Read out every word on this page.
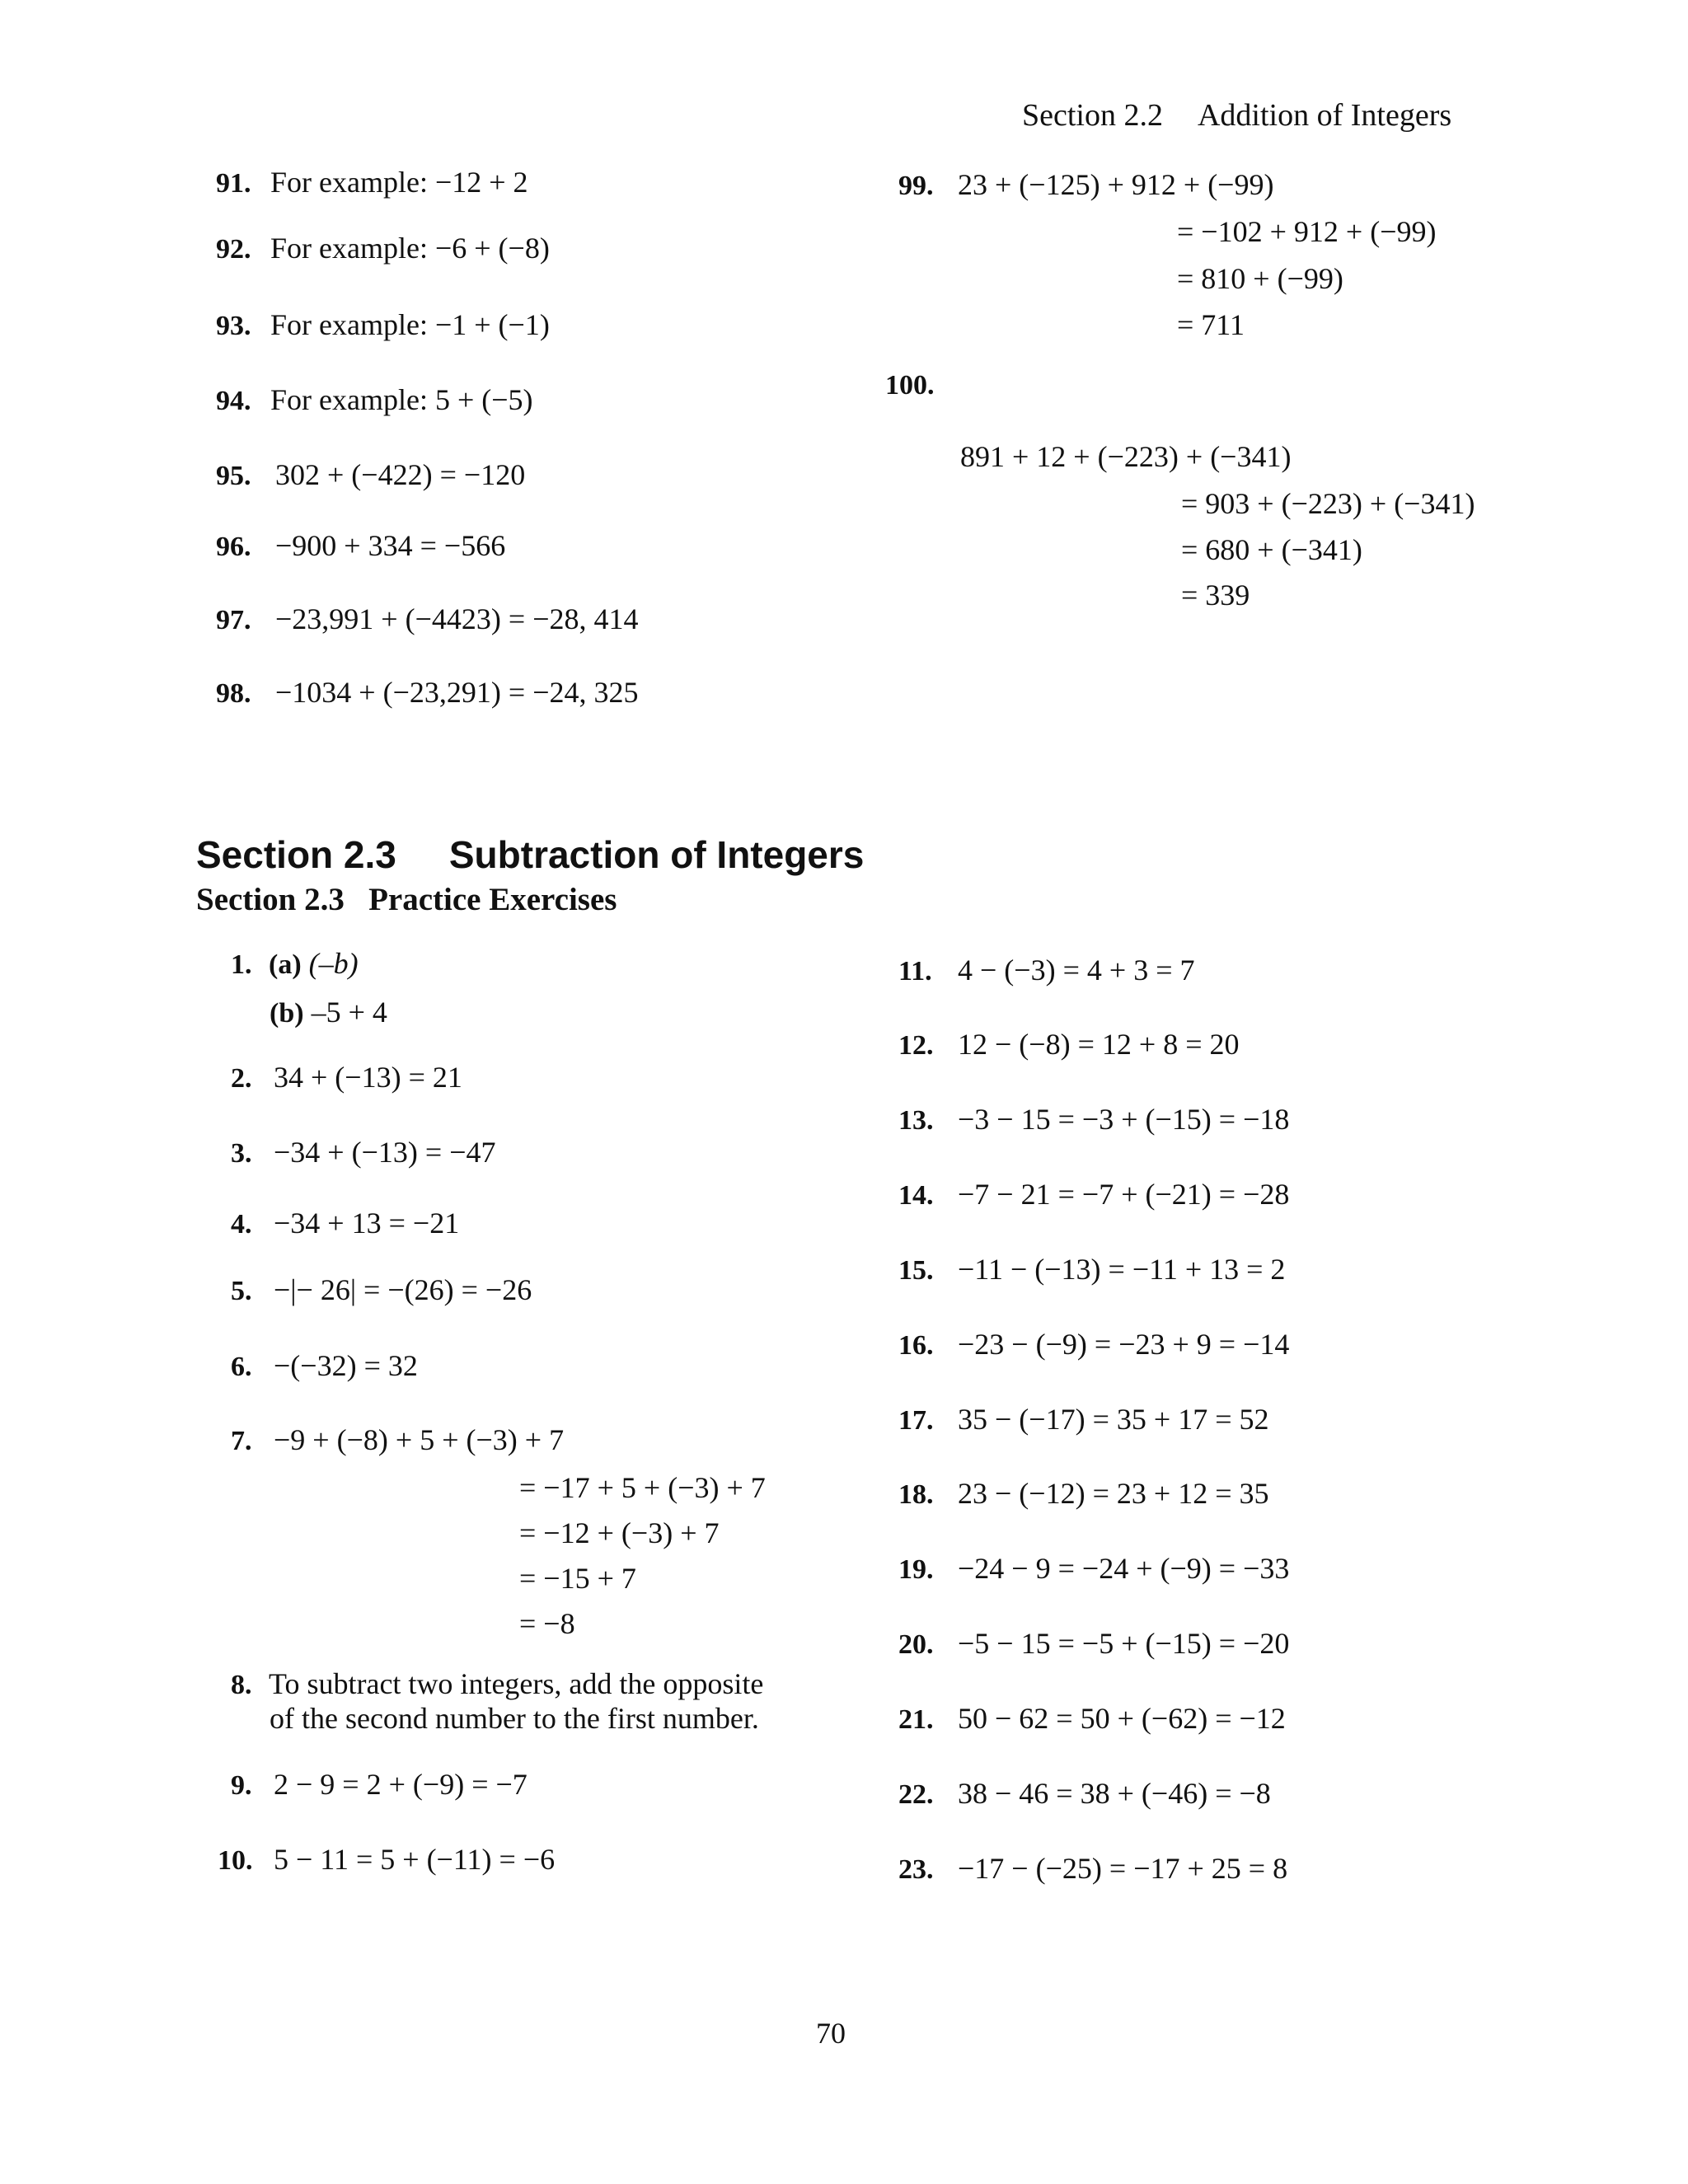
Section 2.2 Addition of Integers
91. For example: −12 + 2
92. For example: −6 + (−8)
93. For example: −1 + (−1)
94. For example: 5 + (−5)
95. 302 + (−422) = −120
96. −900 + 334 = −566
97. −23,991 + (−4423) = −28, 414
98. −1034 + (−23,291) = −24, 325
99. 23 + (−125) + 912 + (−99)
= −102 + 912 + (−99)
= 810 + (−99)
= 711
100.
891 + 12 + (−223) + (−341)
= 903 + (−223) + (−341)
= 680 + (−341)
= 339
Section 2.3 Subtraction of Integers
Section 2.3   Practice Exercises
1. (a)
(–b)
(b) –5 + 4
2. 34 + (−13) = 21
3. −34 + (−13) = −47
4. −34 + 13 = −21
5. −|− 26| = −(26) = −26
6. −(−32) = 32
7. −9 + (−8) + 5 + (−3) + 7
= −17 + 5 + (−3) + 7
= −12 + (−3) + 7
= −15 + 7
= −8
8. To subtract two integers, add the opposite
of the second number to the first number.
9. 2 − 9 = 2 + (−9) = −7
10. 5 − 11 = 5 + (−11) = −6
11. 4 − (−3) = 4 + 3 = 7
12. 12 − (−8) = 12 + 8 = 20
13. −3 − 15 = −3 + (−15) = −18
14. −7 − 21 = −7 + (−21) = −28
15. −11 − (−13) = −11 + 13 = 2
16. −23 − (−9) = −23 + 9 = −14
17. 35 − (−17) = 35 + 17 = 52
18. 23 − (−12) = 23 + 12 = 35
19. −24 − 9 = −24 + (−9) = −33
20. −5 − 15 = −5 + (−15) = −20
21. 50 − 62 = 50 + (−62) = −12
22. 38 − 46 = 38 + (−46) = −8
23. −17 − (−25) = −17 + 25 = 8
70
